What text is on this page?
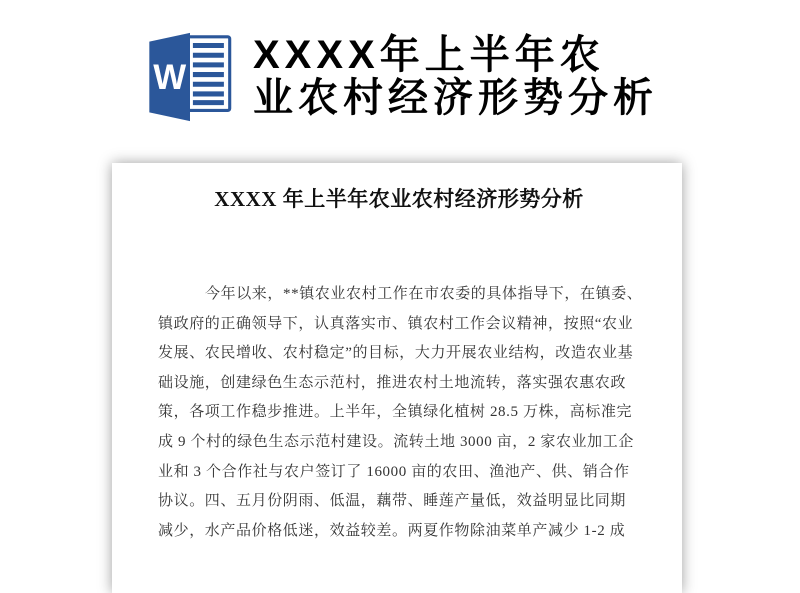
W
XXXX年上半年农
业农村经济形势分析
XXXX 年上半年农业农村经济形势分析

今年以来，**镇农业农村工作在市农委的具体指导下，在镇委、

镇政府的正确领导下，认真落实市、镇农村工作会议精神，按照“农业

发展、农民增收、农村稳定”的目标，大力开展农业结构，改造农业基

础设施，创建绿色生态示范村，推进农村土地流转，落实强农惠农政

策，各项工作稳步推进。上半年，全镇绿化植树 28.5 万株，高标准完

成 9 个村的绿色生态示范村建设。流转土地 3000 亩，2 家农业加工企

业和 3 个合作社与农户签订了 16000 亩的农田、渔池产、供、销合作

协议。四、五月份阴雨、低温，藕带、睡莲产量低，效益明显比同期

减少，水产品价格低迷，效益较差。两夏作物除油菜单产减少 1-2 成
